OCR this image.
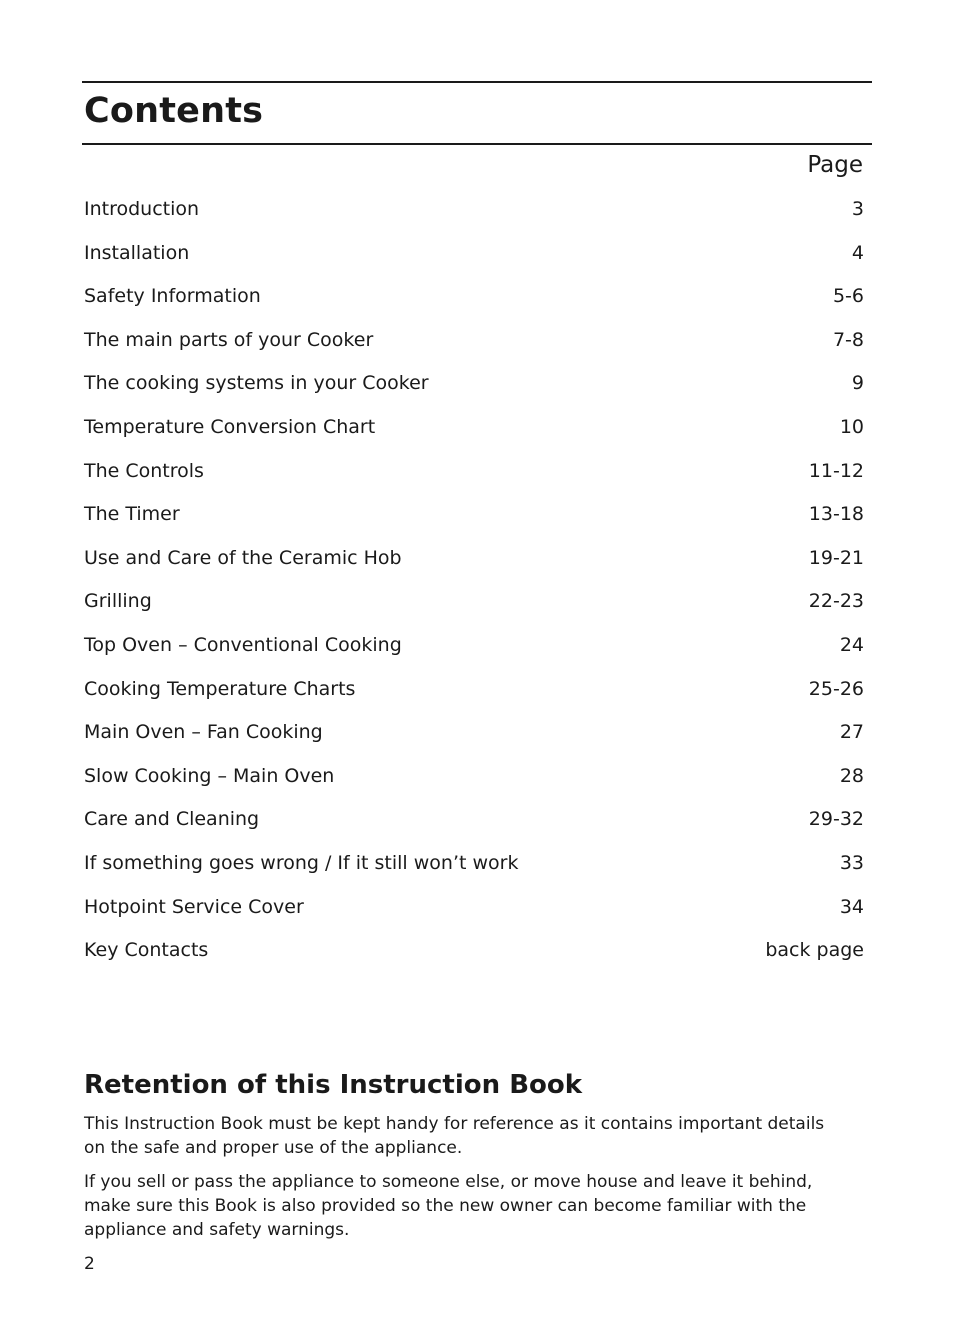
Contents
Page
Introduction	3
Installation	4
Safety Information	5-6
The main parts of your Cooker	7-8
The cooking systems in your Cooker	9
Temperature Conversion Chart	10
The Controls	11-12
The Timer	13-18
Use and Care of the Ceramic Hob	19-21
Grilling	22-23
Top Oven – Conventional Cooking	24
Cooking Temperature Charts	25-26
Main Oven – Fan Cooking	27
Slow Cooking – Main Oven	28
Care and Cleaning	29-32
If something goes wrong / If it still won’t work	33
Hotpoint Service Cover	34
Key Contacts	back page
Retention of this Instruction Book

This Instruction Book must be kept handy for reference as it contains important details on the safe and proper use of the appliance.

If you sell or pass the appliance to someone else, or move house and leave it behind, make sure this Book is also provided so the new owner can become familiar with the appliance and safety warnings.

2
